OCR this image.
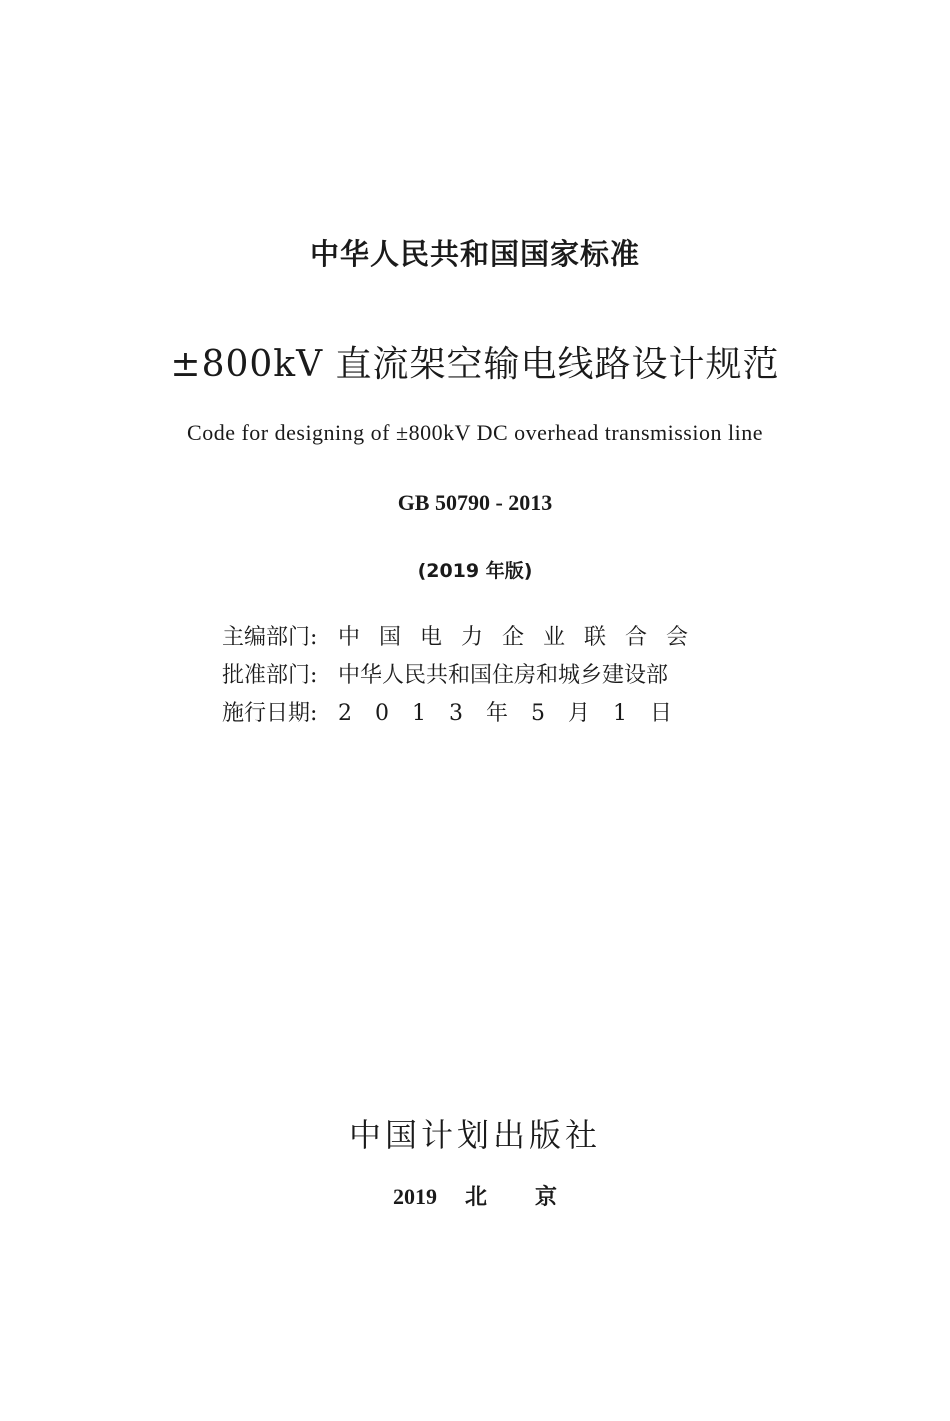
中华人民共和国国家标准
±800kV 直流架空输电线路设计规范
Code for designing of ±800kV DC overhead transmission line
GB 50790 - 2013
(2019 年版)
主编部门: 中国电力企业联合会
批准部门: 中华人民共和国住房和城乡建设部
施行日期: 2013年5月1日
中国计划出版社
2019 北京
